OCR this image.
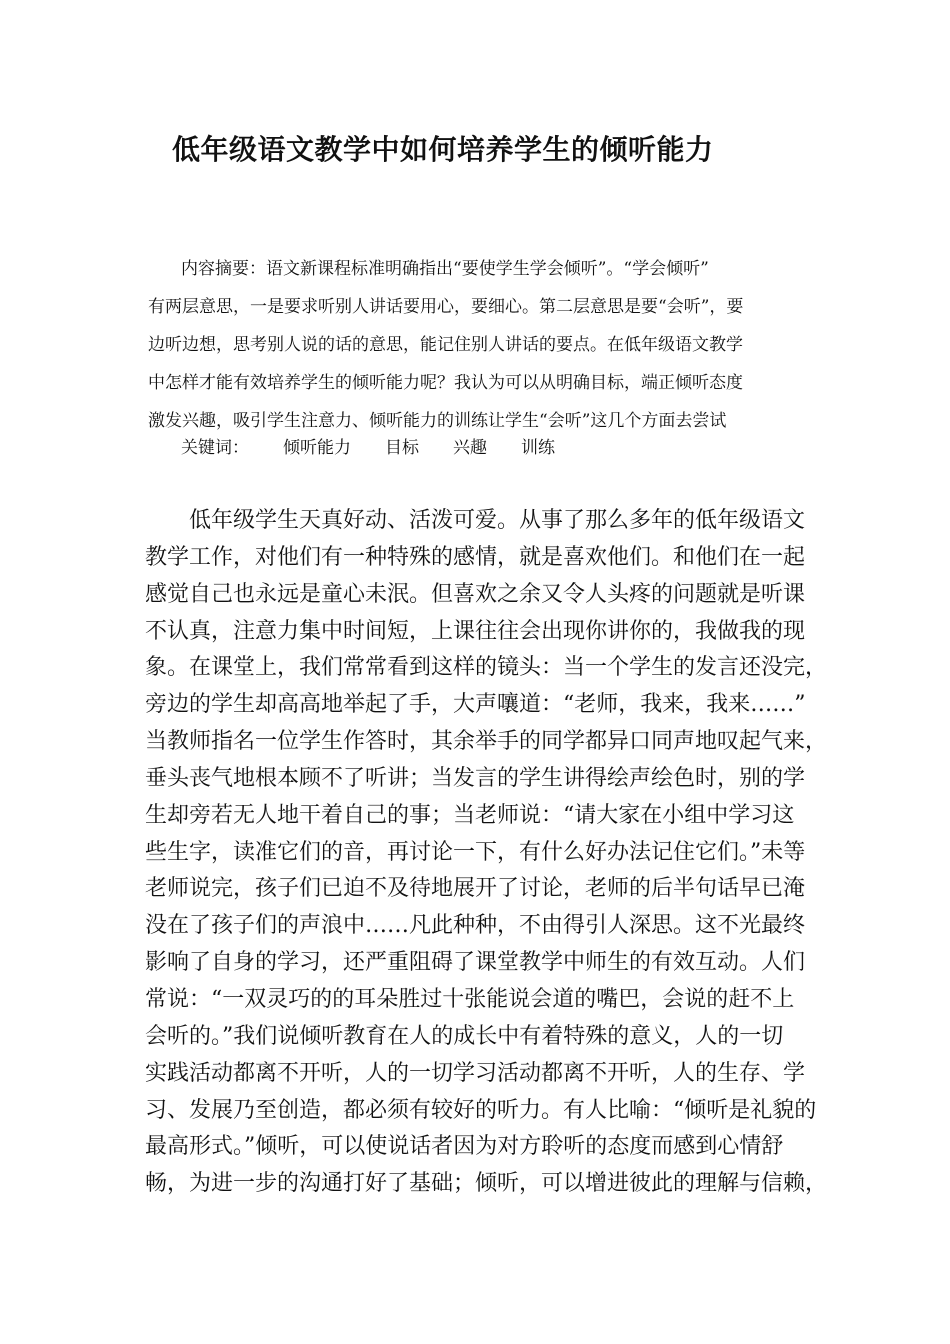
低年级语文教学中如何培养学生的倾听能力
内容摘要：语文新课程标准明确指出“要使学生学会倾听”。“学会倾听”
有两层意思，一是要求听别人讲话要用心，要细心。第二层意思是要“会听”，要
边听边想，思考别人说的话的意思，能记住别人讲话的要点。在低年级语文教学
中怎样才能有效培养学生的倾听能力呢？我认为可以从明确目标，端正倾听态度
激发兴趣，吸引学生注意力、倾听能力的训练让学生“会听”这几个方面去尝试
关键词： 倾听能力 目标 兴趣 训练
低年级学生天真好动、活泼可爱。从事了那么多年的低年级语文
教学工作，对他们有一种特殊的感情，就是喜欢他们。和他们在一起
感觉自己也永远是童心未泯。但喜欢之余又令人头疼的问题就是听课
不认真，注意力集中时间短，上课往往会出现你讲你的，我做我的现
象。在课堂上，我们常常看到这样的镜头：当一个学生的发言还没完，
旁边的学生却高高地举起了手，大声嚷道：“老师，我来，我来……”
当教师指名一位学生作答时，其余举手的同学都异口同声地叹起气来，
垂头丧气地根本顾不了听讲；当发言的学生讲得绘声绘色时，别的学
生却旁若无人地干着自己的事；当老师说：“请大家在小组中学习这
些生字，读准它们的音，再讨论一下，有什么好办法记住它们。”未等
老师说完，孩子们已迫不及待地展开了讨论，老师的后半句话早已淹
没在了孩子们的声浪中……凡此种种，不由得引人深思。这不光最终
影响了自身的学习，还严重阻碍了课堂教学中师生的有效互动。人们
常说：“一双灵巧的的耳朵胜过十张能说会道的嘴巴，会说的赶不上
会听的。”我们说倾听教育在人的成长中有着特殊的意义，人的一切
实践活动都离不开听，人的一切学习活动都离不开听，人的生存、学
习、发展乃至创造，都必须有较好的听力。有人比喻：“倾听是礼貌的
最高形式。”倾听，可以使说话者因为对方聆听的态度而感到心情舒
畅，为进一步的沟通打好了基础；倾听，可以增进彼此的理解与信赖，
